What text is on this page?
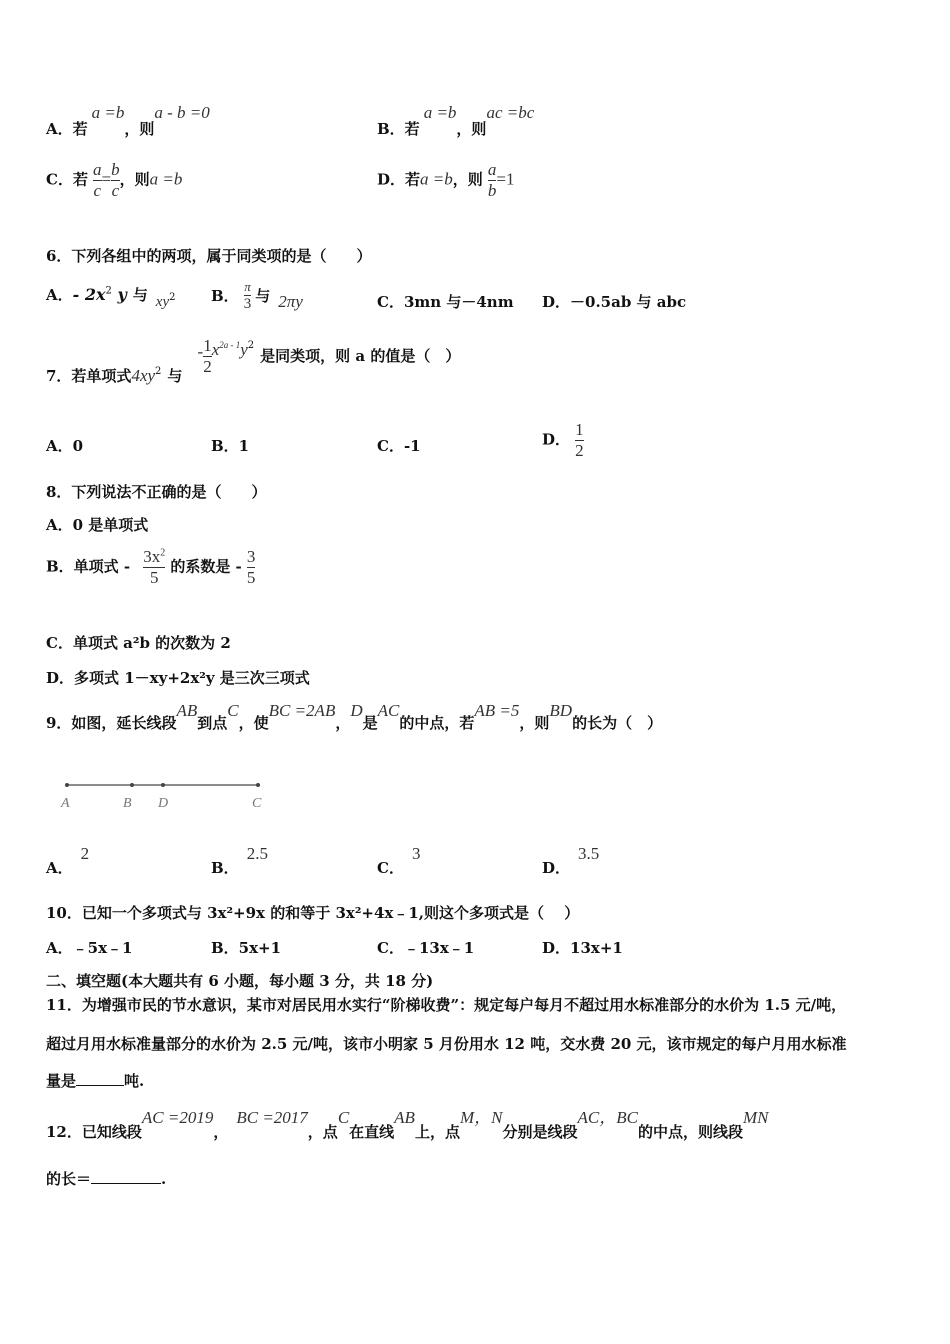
A．若a =b，则a - b =0
B．若a =b，则ac =bc
C．若 $\frac{a}{c} = \frac{b}{c}$ ，则a =b	D．若a =b，则 $\frac{a}{b} =1$
6．下列各组中的两项，属于同类项的是（　　）
A．- $2x^2$ y 与 $xy^2$ B． $\frac{\pi}{3}$ 与 2πy	C．3mn 与－4nm D．－0.5ab 与 abc
7．若单项式$4xy^2$ 与 - $\frac{1}{2} x^{2a - 1}y^2$是同类项，则 a 的值是（　）
A．0	B．1	C．-1	D． $\frac{1}{2}$
8．下列说法不正确的是（　　）
A．0 是单项式
B．单项式 - $\frac{3x^2}{5}$ 的系数是 - $\frac{3}{5}$
C．单项式 a²b 的次数为 2
D．多项式 1－xy+2x²y 是三次三项式
9．如图，延长线段AB到点C，使BC =2AB，D是AC的中点，若AB =5，则BD的长为（　）
A	B D	C
A．2
B．2.5
C．3
D．3.5
10．已知一个多项式与 3x²+9x 的和等于 3x²+4x﹣1,则这个多项式是（　 ）
A．﹣5x﹣1	B．5x+1	C．﹣13x﹣1	D．13x+1
二、填空题(本大题共有 6 小题，每小题 3 分，共 18 分)
11．为增强市民的节水意识，某市对居民用水实行“阶梯收费”：规定每户每月不超过用水标准部分的水价为 1.5 元/吨，
超过月用水标准量部分的水价为 2.5 元/吨，该市小明家 5 月份用水 12 吨，交水费 20 元，该市规定的每户月用水标准
量是	吨.
12．已知线段AC =2019，BC =2017，点C在直线AB上，点M，N分别是线段AC，BC的中点，则线段MN
的长＝	.
